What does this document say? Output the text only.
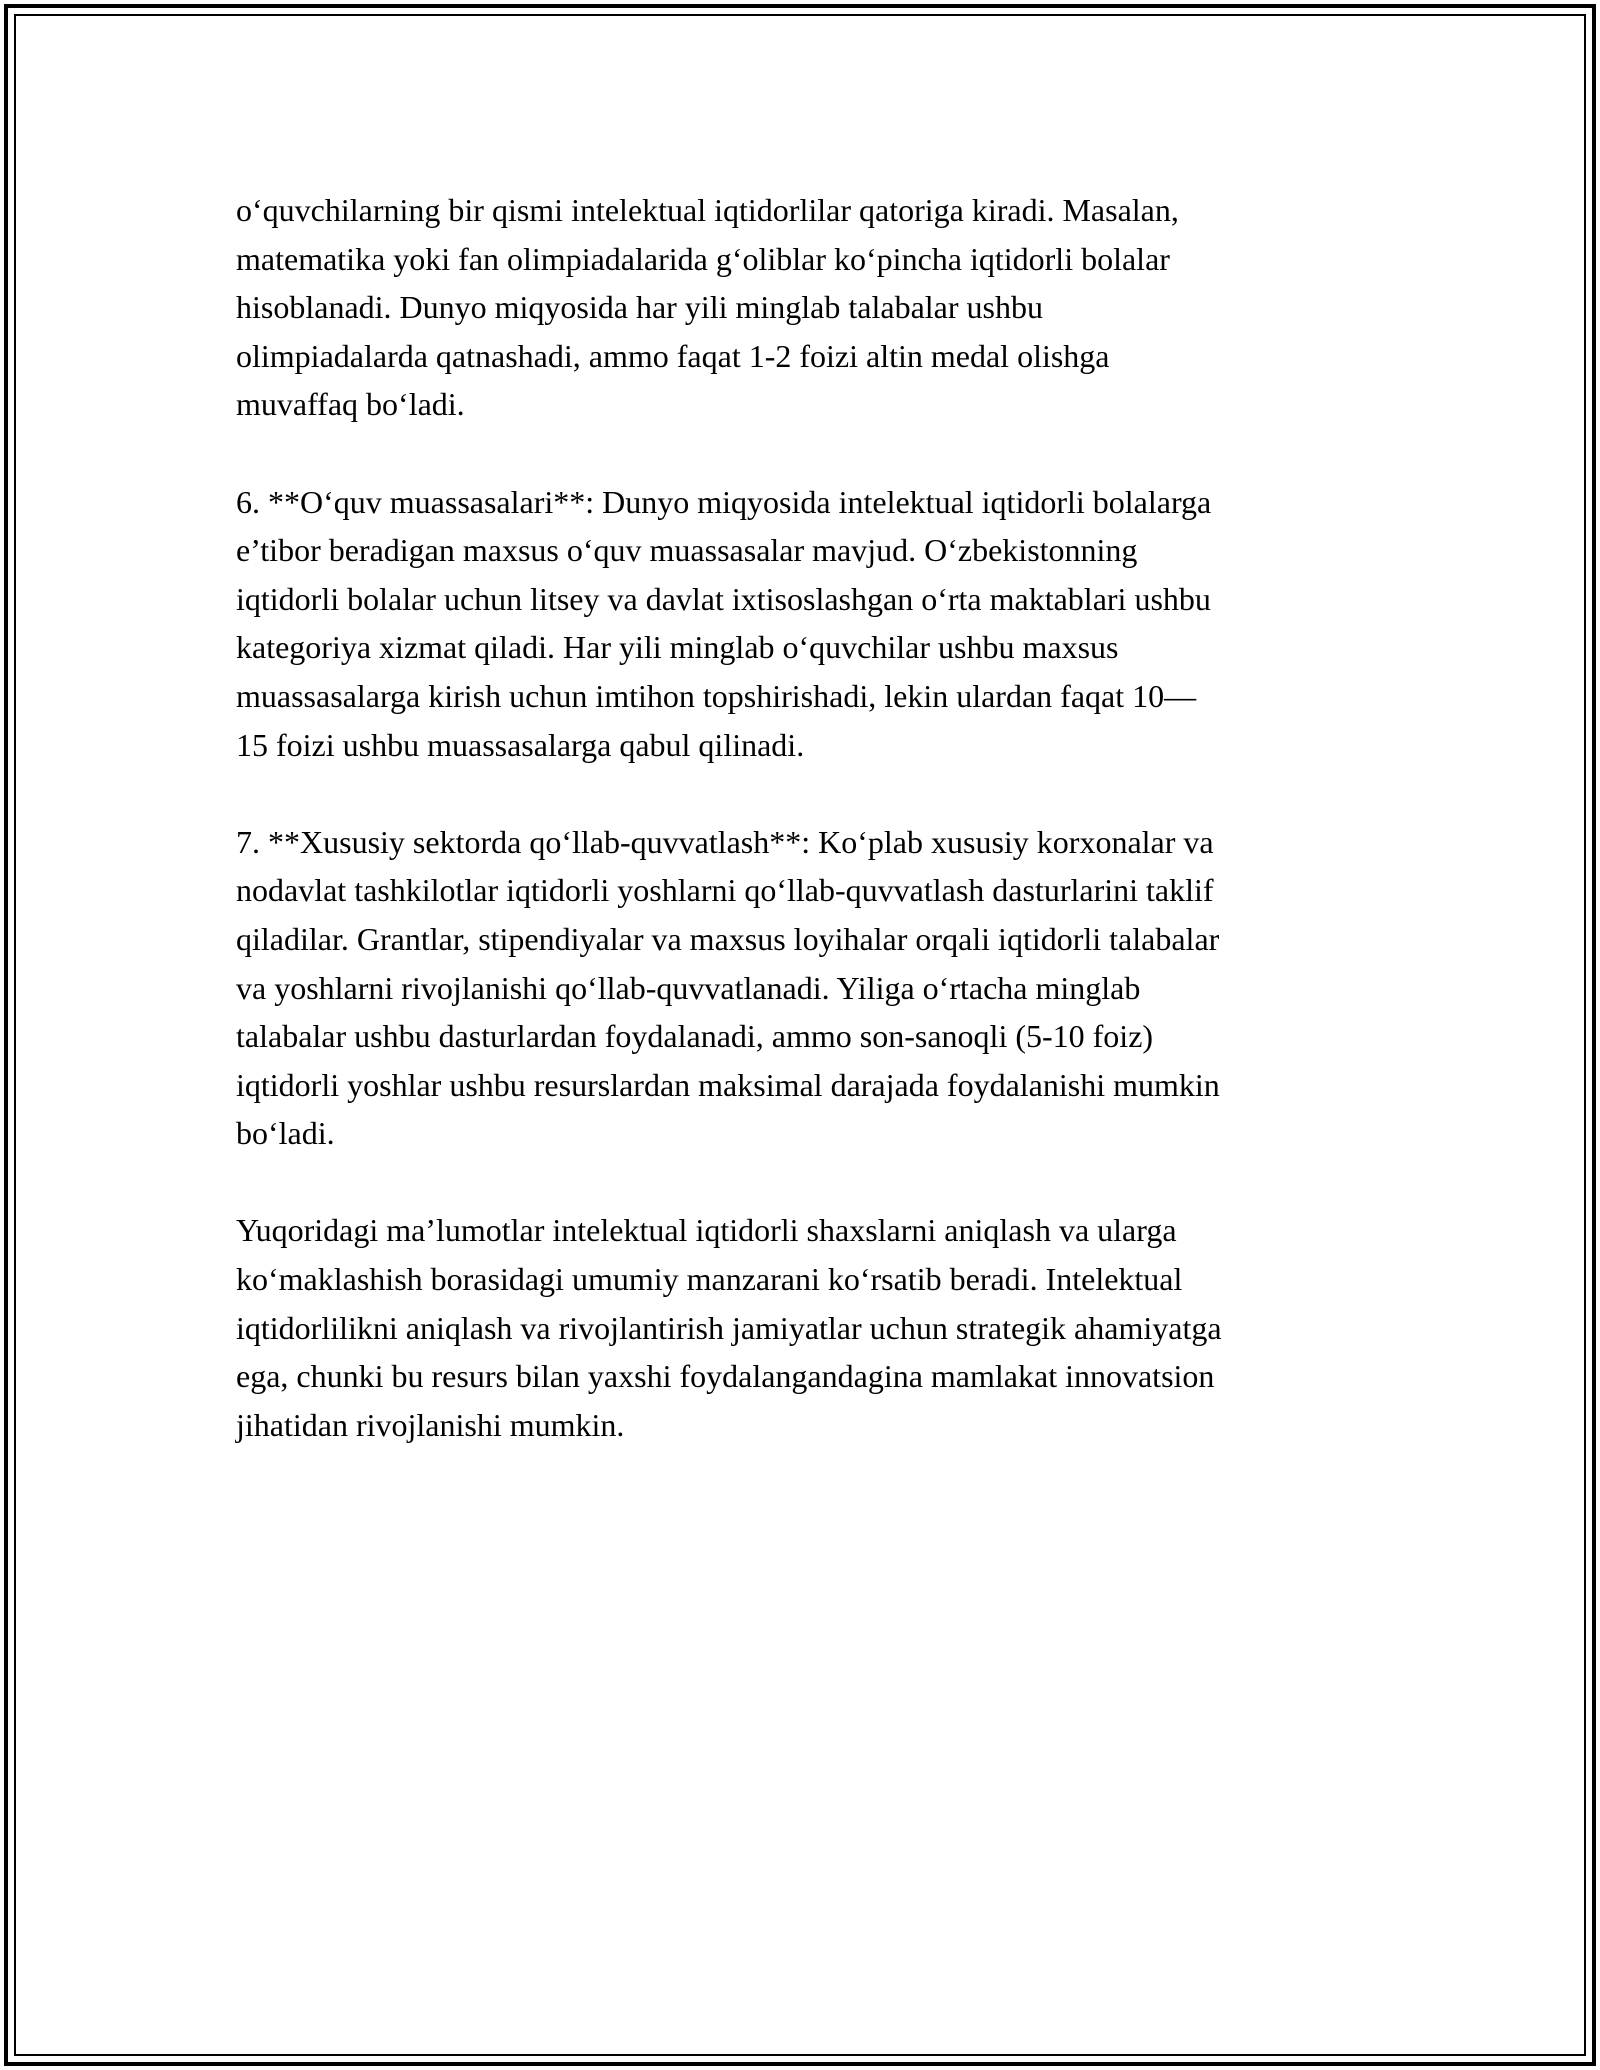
o‘quvchilarning bir qismi intelektual iqtidorlilar qatoriga kiradi. Masalan,
matematika yoki fan olimpiadalarida g‘oliblar ko‘pincha iqtidorli bolalar
hisoblanadi. Dunyo miqyosida har yili minglab talabalar ushbu
olimpiadalarda qatnashadi, ammo faqat 1-2 foizi altin medal olishga
muvaffaq bo‘ladi.

6. **O‘quv muassasalari**: Dunyo miqyosida intelektual iqtidorli bolalarga
e’tibor beradigan maxsus o‘quv muassasalar mavjud. O‘zbekistonning
iqtidorli bolalar uchun litsey va davlat ixtisoslashgan o‘rta maktablari ushbu
kategoriya xizmat qiladi. Har yili minglab o‘quvchilar ushbu maxsus
muassasalarga kirish uchun imtihon topshirishadi, lekin ulardan faqat 10—
15 foizi ushbu muassasalarga qabul qilinadi.

7. **Xususiy sektorda qo‘llab-quvvatlash**: Ko‘plab xususiy korxonalar va
nodavlat tashkilotlar iqtidorli yoshlarni qo‘llab-quvvatlash dasturlarini taklif
qiladilar. Grantlar, stipendiyalar va maxsus loyihalar orqali iqtidorli talabalar
va yoshlarni rivojlanishi qo‘llab-quvvatlanadi. Yiliga o‘rtacha minglab
talabalar ushbu dasturlardan foydalanadi, ammo son-sanoqli (5-10 foiz)
iqtidorli yoshlar ushbu resurslardan maksimal darajada foydalanishi mumkin
bo‘ladi.

Yuqoridagi ma’lumotlar intelektual iqtidorli shaxslarni aniqlash va ularga
ko‘maklashish borasidagi umumiy manzarani ko‘rsatib beradi. Intelektual
iqtidorlilikni aniqlash va rivojlantirish jamiyatlar uchun strategik ahamiyatga
ega, chunki bu resurs bilan yaxshi foydalangandagina mamlakat innovatsion
jihatidan rivojlanishi mumkin.
